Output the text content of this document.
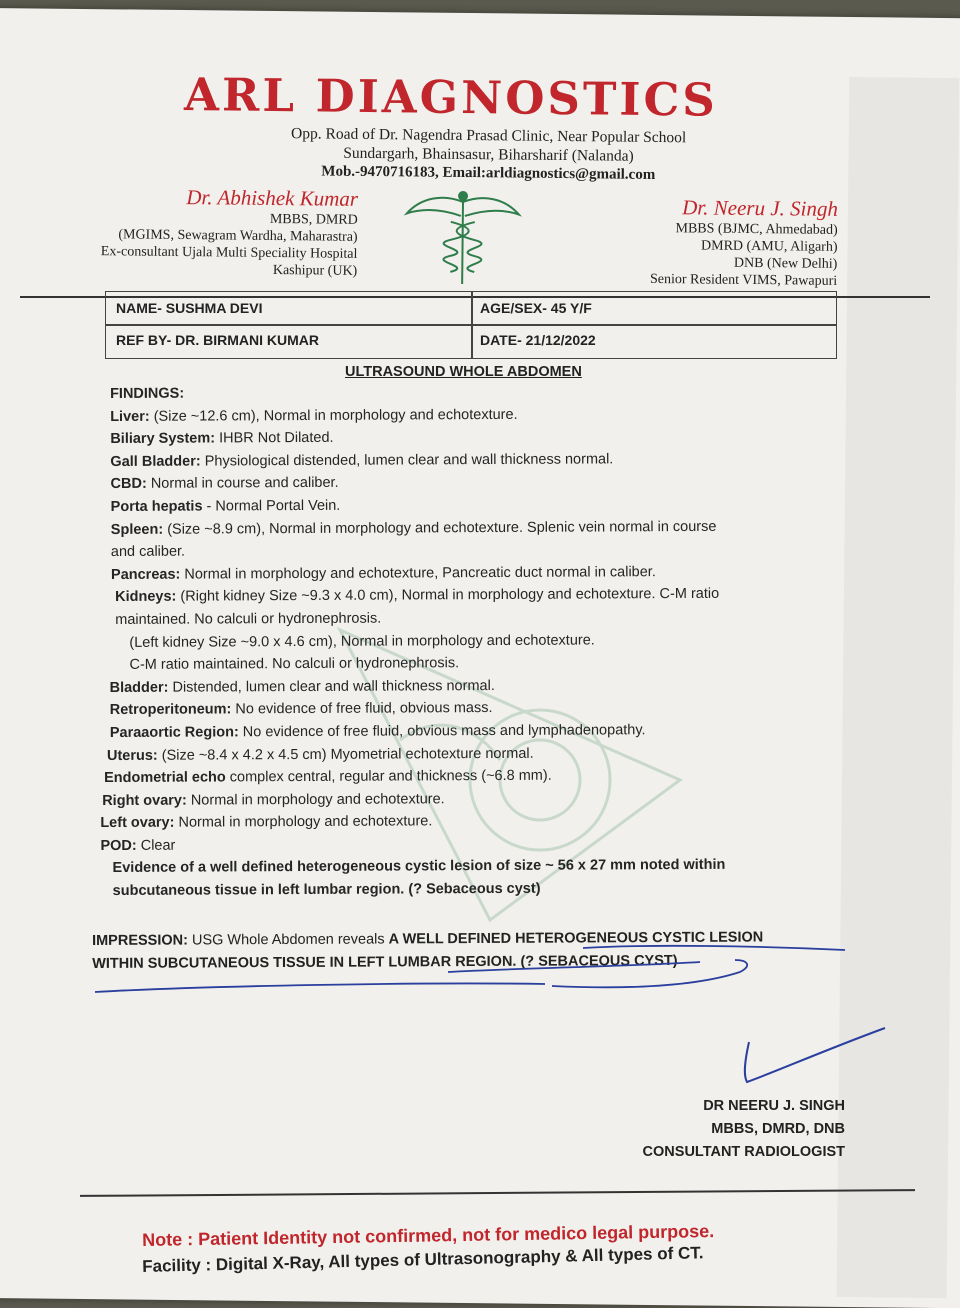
ARL DIAGNOSTICS
Opp. Road of Dr. Nagendra Prasad Clinic, Near Popular School
Sundargarh, Bhainsasur, Biharsharif (Nalanda)
Mob.-9470716183, Email:arldiagnostics@gmail.com
Dr. Abhishek Kumar
MBBS, DMRD
(MGIMS, Sewagram Wardha, Maharastra)
Ex-consultant Ujala Multi Speciality Hospital
Kashipur (UK)
Dr. Neeru J. Singh
MBBS (BJMC, Ahmedabad)
DMRD (AMU, Aligarh)
DNB (New Delhi)
Senior Resident VIMS, Pawapuri
NAME- SUSHMA DEVI	AGE/SEX- 45 Y/F
REF BY- DR. BIRMANI KUMAR	DATE- 21/12/2022
ULTRASOUND WHOLE ABDOMEN

FINDINGS:

Liver: (Size ~12.6 cm), Normal in morphology and echotexture.

Biliary System: IHBR Not Dilated.

Gall Bladder: Physiological distended, lumen clear and wall thickness normal.

CBD: Normal in course and caliber.

Porta hepatis - Normal Portal Vein.

Spleen: (Size ~8.9 cm), Normal in morphology and echotexture. Splenic vein normal in course

and caliber.

Pancreas: Normal in morphology and echotexture, Pancreatic duct normal in caliber.

Kidneys: (Right kidney Size ~9.3 x 4.0 cm), Normal in morphology and echotexture. C-M ratio

maintained. No calculi or hydronephrosis.

(Left kidney Size ~9.0 x 4.6 cm), Normal in morphology and echotexture.

C-M ratio maintained. No calculi or hydronephrosis.

Bladder: Distended, lumen clear and wall thickness normal.

Retroperitoneum: No evidence of free fluid, obvious mass.

Paraaortic Region: No evidence of free fluid, obvious mass and lymphadenopathy.

Uterus: (Size ~8.4 x 4.2 x 4.5 cm) Myometrial echotexture normal.

Endometrial echo complex central, regular and thickness (~6.8 mm).

Right ovary: Normal in morphology and echotexture.

Left ovary: Normal in morphology and echotexture.

POD: Clear

Evidence of a well defined heterogeneous cystic lesion of size ~ 56 x 27 mm noted within

subcutaneous tissue in left lumbar region. (? Sebaceous cyst)

IMPRESSION: USG Whole Abdomen reveals A WELL DEFINED HETEROGENEOUS CYSTIC LESION
WITHIN SUBCUTANEOUS TISSUE IN LEFT LUMBAR REGION. (? SEBACEOUS CYST)
DR NEERU J. SINGH
MBBS, DMRD, DNB
CONSULTANT RADIOLOGIST
Note : Patient Identity not confirmed, not for medico legal purpose.
Facility : Digital X-Ray, All types of Ultrasonography & All types of CT.
